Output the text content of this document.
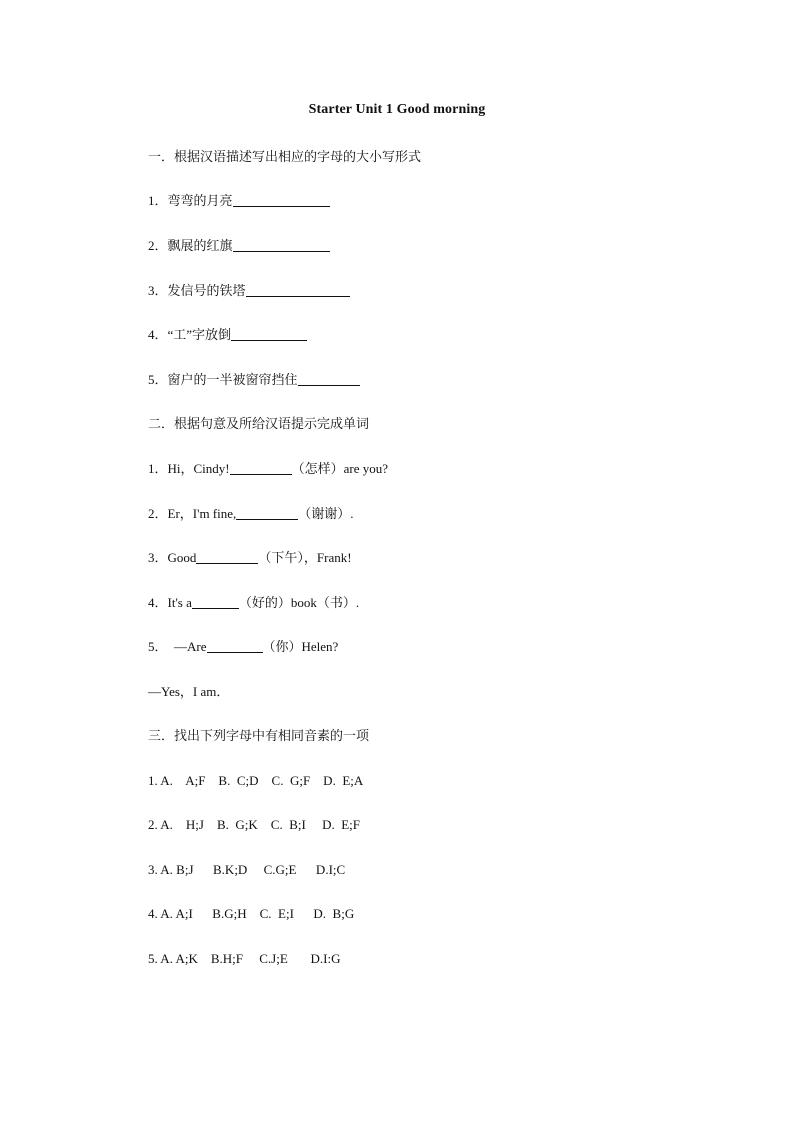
Starter Unit 1 Good morning
一．根据汉语描述写出相应的字母的大小写形式
1．弯弯的月亮
2．飘展的红旗
3．发信号的铁塔
4．“工”字放倒
5．窗户的一半被窗帘挡住
二．根据句意及所给汉语提示完成单词
1．Hi，Cindy!	（怎样）are you?
2．Er，I'm fine,	（谢谢）.
3．Good	（下午），Frank!
4．It's a	（好的）book（书）.
5．  —Are	（你）Helen?
—Yes，I am．
三．找出下列字母中有相同音素的一项
1. A.    A;F    B.  C;D    C.  G;F    D.  E;A
2. A.    H;J    B.  G;K    C.  B;I     D.  E;F
3. A. B;J      B.K;D     C.G;E      D.I;C
4. A. A;I      B.G;H    C.  E;I      D.  B;G
5. A. A;K    B.H;F     C.J;E       D.I:G
